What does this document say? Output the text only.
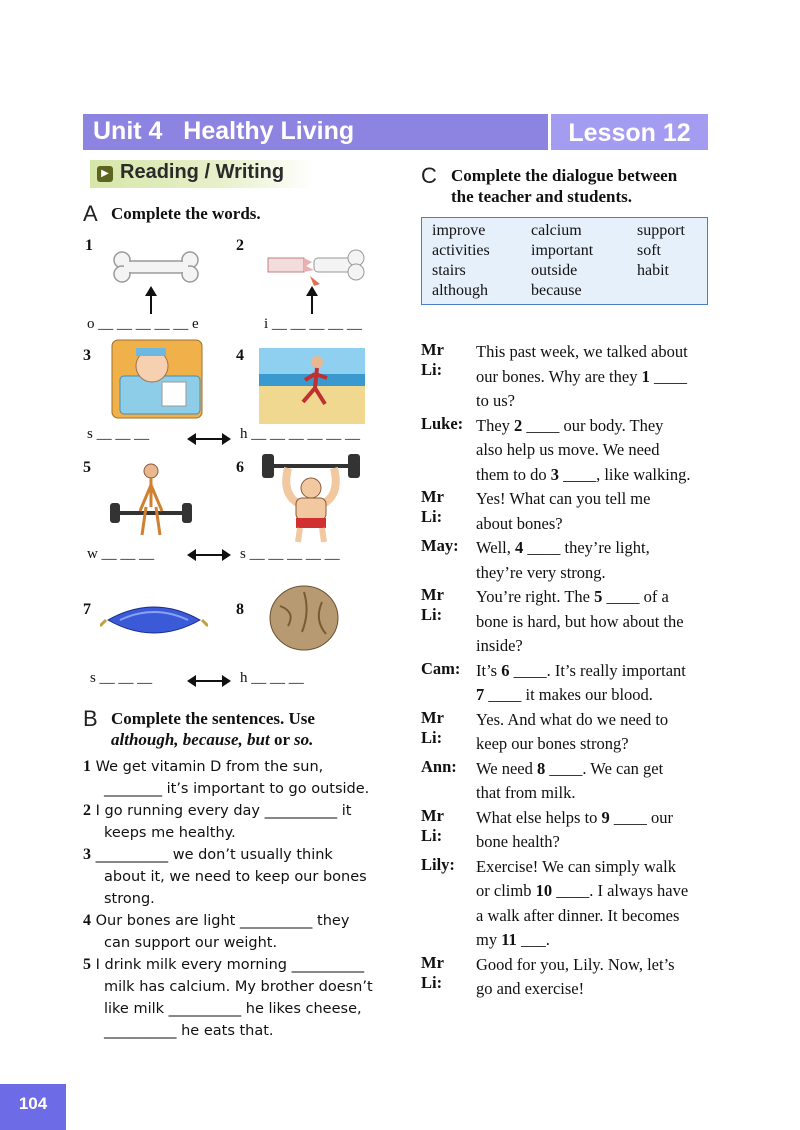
Unit 4   Healthy Living	Lesson 12
▶ Reading / Writing
A Complete the words.
1
o __ __ __ __ __ e
2
i __ __ __ __ __
3
s __ __ __
4
h __ __ __ __ __ __
5
w __ __ __
6
s __ __ __ __ __
7
s __ __ __
8
h __ __ __
B Complete the sentences. Use
although, because, but or so.
1 We get vitamin D from the sun,
________ it’s important to go outside.
2 I go running every day __________ it
keeps me healthy.
3 __________ we don’t usually think
about it, we need to keep our bones
strong.
4 Our bones are light __________ they
can support our weight.
5 I drink milk every morning __________
milk has calcium. My brother doesn’t
like milk __________ he likes cheese,
__________ he eats that.
C Complete the dialogue between
the teacher and students.
improve	calcium	support
activities	important	soft
stairs	outside	habit
although	because
Mr Li:
This past week, we talked about
our bones. Why are they 1 ____
to us?
Luke: They 2 ____ our body. They
also help us move. We need
them to do 3 ____, like walking.
Mr Li:
Yes! What can you tell me
about bones?
May: Well, 4 ____ they’re light,
they’re very strong.
Mr Li:
You’re right. The 5 ____ of a
bone is hard, but how about the
inside?
Cam: It’s 6 ____. It’s really important
7 ____ it makes our blood.
Mr Li:
Yes. And what do we need to
keep our bones strong?
Ann: We need 8 ____. We can get
that from milk.
Mr Li:
What else helps to 9 ____ our
bone health?
Lily: Exercise! We can simply walk
or climb 10 ____. I always have
a walk after dinner. It becomes
my 11 ___.
Mr Li:
Good for you, Lily. Now, let’s
go and exercise!
104
